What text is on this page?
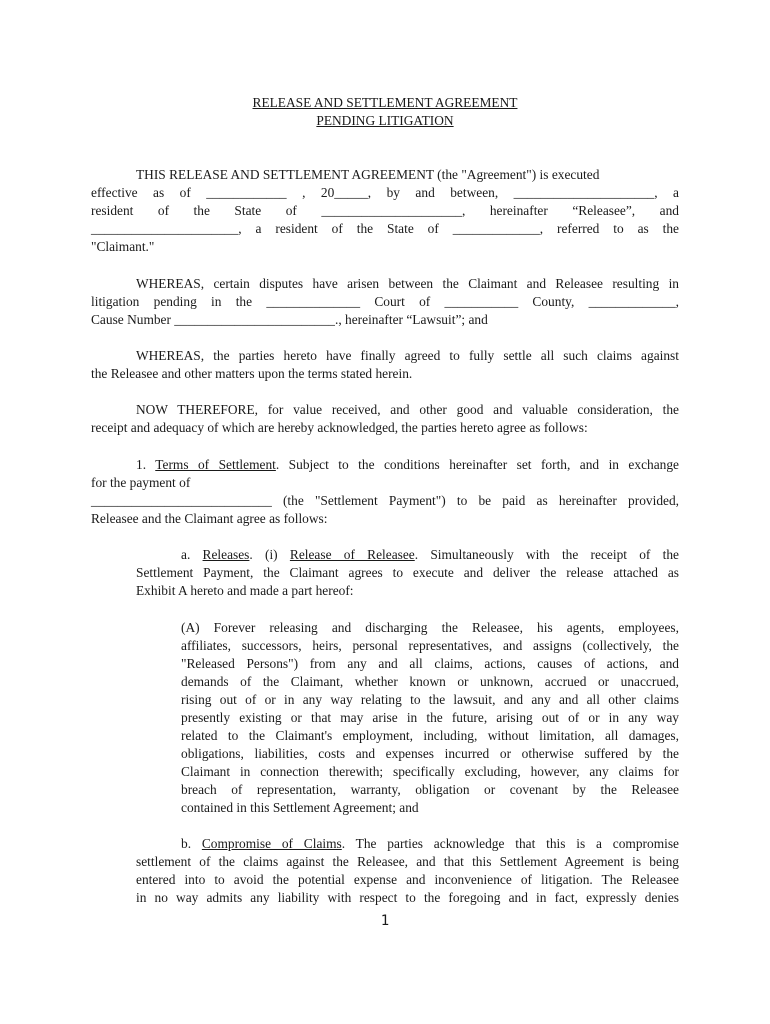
RELEASE AND SETTLEMENT AGREEMENT
PENDING LITIGATION
THIS RELEASE AND SETTLEMENT AGREEMENT (the "Agreement") is executed
effective as of ____________ , 20_____, by and between, _____________________, a
resident of the State of _____________________, hereinafter “Releasee”, and
______________________, a resident of the State of _____________, referred to as the
"Claimant."
WHEREAS, certain disputes have arisen between the Claimant and Releasee resulting in
litigation pending in the ______________ Court of ___________ County, _____________,
Cause Number ________________________., hereinafter “Lawsuit”; and
WHEREAS, the parties hereto have finally agreed to fully settle all such claims against
the Releasee and other matters upon the terms stated herein.
NOW THEREFORE, for value received, and other good and valuable consideration, the
receipt and adequacy of which are hereby acknowledged, the parties hereto agree as follows:
1. Terms of Settlement. Subject to the conditions hereinafter set forth, and in exchange
for the payment of
___________________________ (the "Settlement Payment") to be paid as hereinafter provided,
Releasee and the Claimant agree as follows:
a. Releases. (i) Release of Releasee. Simultaneously with the receipt of the
Settlement Payment, the Claimant agrees to execute and deliver the release attached as
Exhibit A hereto and made a part hereof:
(A) Forever releasing and discharging the Releasee, his agents, employees,
affiliates, successors, heirs, personal representatives, and assigns (collectively, the
"Released Persons") from any and all claims, actions, causes of actions, and
demands of the Claimant, whether known or unknown, accrued or unaccrued,
rising out of or in any way relating to the lawsuit, and any and all other claims
presently existing or that may arise in the future, arising out of or in any way
related to the Claimant's employment, including, without limitation, all damages,
obligations, liabilities, costs and expenses incurred or otherwise suffered by the
Claimant in connection therewith; specifically excluding, however, any claims for
breach of representation, warranty, obligation or covenant by the Releasee
contained in this Settlement Agreement; and
b. Compromise of Claims. The parties acknowledge that this is a compromise
settlement of the claims against the Releasee, and that this Settlement Agreement is being
entered into to avoid the potential expense and inconvenience of litigation. The Releasee
in no way admits any liability with respect to the foregoing and in fact, expressly denies
1
